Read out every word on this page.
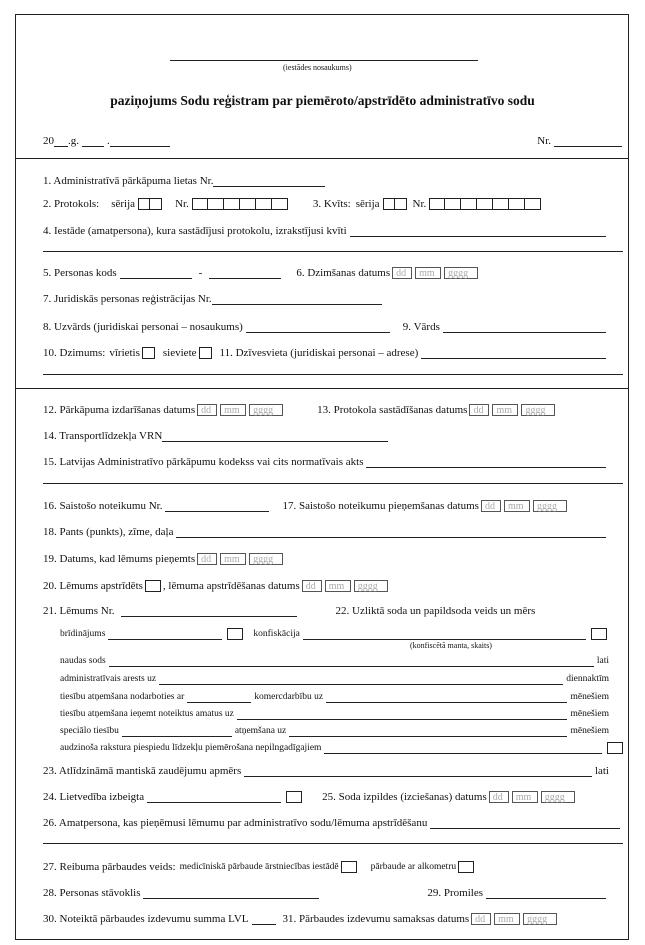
(iestādes nosaukums)
paziņojums Sodu reģistram par piemēroto/apstrīdēto administratīvo sodu
20 .g.	.	Nr.
1. Administratīvā pārkāpuma lietas Nr.
2. Protokols: sērija	Nr.	3. Kvīts: sērija	Nr.
4. Iestāde (amatpersona), kura sastādījusi protokolu, izrakstījusi kvīti
5. Personas kods	-	6. Dzimšanas datums dd	mm	gggg
7. Juridiskās personas reģistrācijas Nr.
8. Uzvārds (juridiskai personai – nosaukums)	9. Vārds
10. Dzimums: vīrietis sieviete 11. Dzīvesvieta (juridiskai personai – adrese)
12. Pārkāpuma izdarīšanas datums dd	mm	gggg	13. Protokola sastādīšanas datums dd	mm	gggg
14. Transportlīdzekļa VRN
15. Latvijas Administratīvo pārkāpumu kodekss vai cits normatīvais akts
16. Saistošo noteikumu Nr.	17. Saistošo noteikumu pieņemšanas datums dd	mm	gggg
18. Pants (punkts), zīme, daļa
19. Datums, kad lēmums pieņemts dd	mm	gggg
20. Lēmums apstrīdēts , lēmuma apstrīdēšanas datums dd	mm	gggg
21. Lēmums Nr.	22. Uzliktā soda un papildsoda veids un mērs
brīdinājums	konfiskācija
(konfiscētā manta, skaits)
naudas sods	lati
administratīvais arests uz	diennaktīm
tiesību atņemšana nodarboties ar	komercdarbību uz	mēnešiem
tiesību atņemšana ieņemt noteiktus amatus uz	mēnešiem
speciālo tiesību	atņemšana uz	mēnešiem
audzinoša rakstura piespiedu līdzekļu piemērošana nepilngadīgajiem
23. Atlīdzināmā mantiskā zaudējumu apmērs	lati
24. Lietvedība izbeigta	25. Soda izpildes (izciešanas) datums dd	mm	gggg
26. Amatpersona, kas pieņēmusi lēmumu par administratīvo sodu/lēmuma apstrīdēšanu
27. Reibuma pārbaudes veids: medicīniskā pārbaude ārstniecības iestādē	pārbaude ar alkometru
28. Personas stāvoklis	29. Promiles
30. Noteiktā pārbaudes izdevumu summa LVL	31. Pārbaudes izdevumu samaksas datums dd	mm	gggg
